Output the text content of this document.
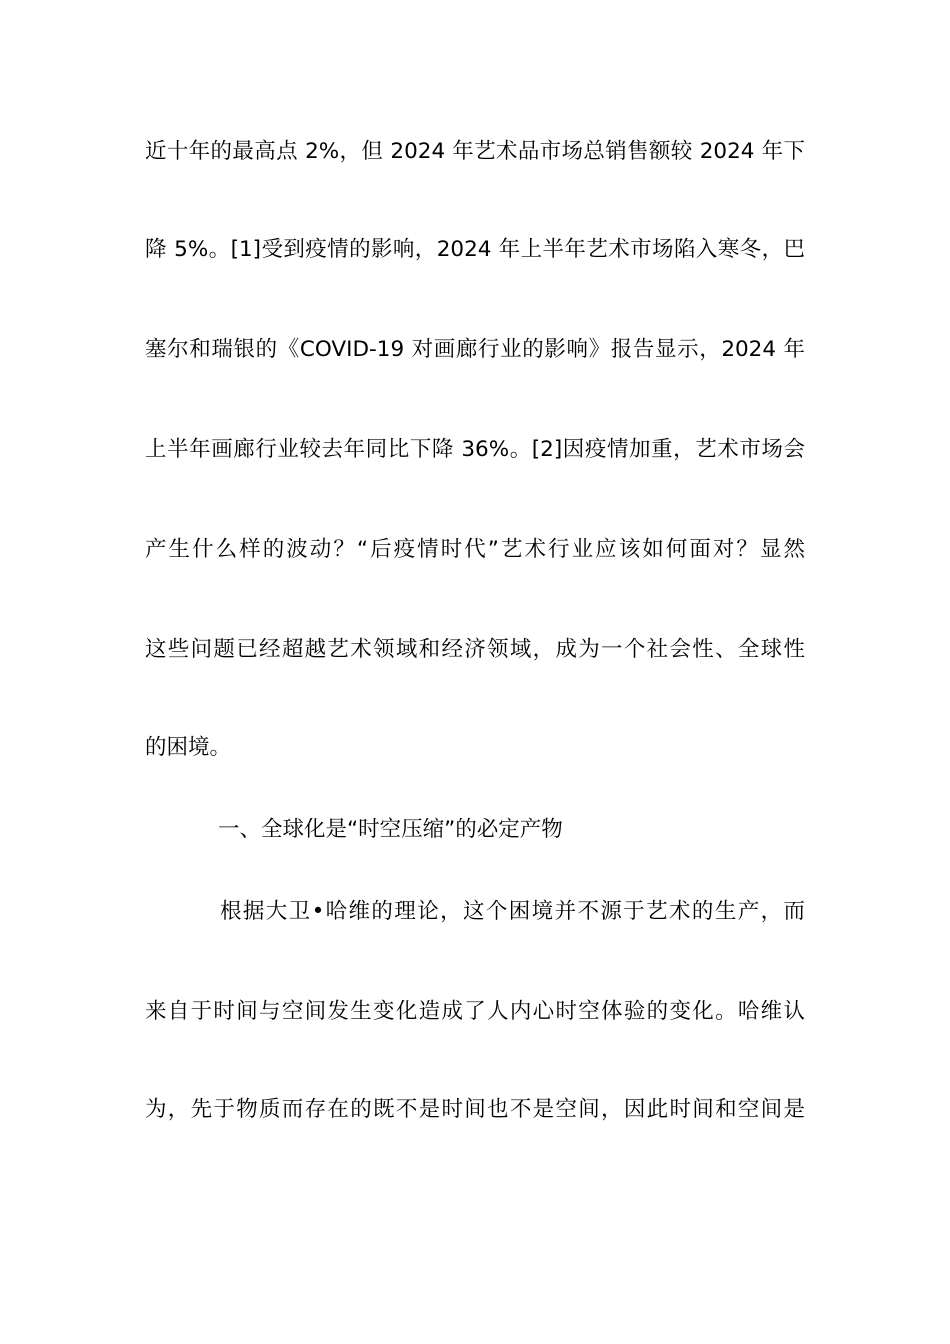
近十年的最高点 2%，但 2024 年艺术品市场总销售额较 2024 年下
降 5%。[1]受到疫情的影响，2024 年上半年艺术市场陷入寒冬，巴
塞尔和瑞银的《COVID-19 对画廊行业的影响》报告显示，2024 年
上半年画廊行业较去年同比下降 36%。[2]因疫情加重，艺术市场会
产生什么样的波动？“后疫情时代”艺术行业应该如何面对？显然
这些问题已经超越艺术领域和经济领域，成为一个社会性、全球性
的困境。
一、全球化是“时空压缩”的必定产物
根据大卫•哈维的理论，这个困境并不源于艺术的生产，而
来自于时间与空间发生变化造成了人内心时空体验的变化。哈维认
为，先于物质而存在的既不是时间也不是空间，因此时间和空间是
